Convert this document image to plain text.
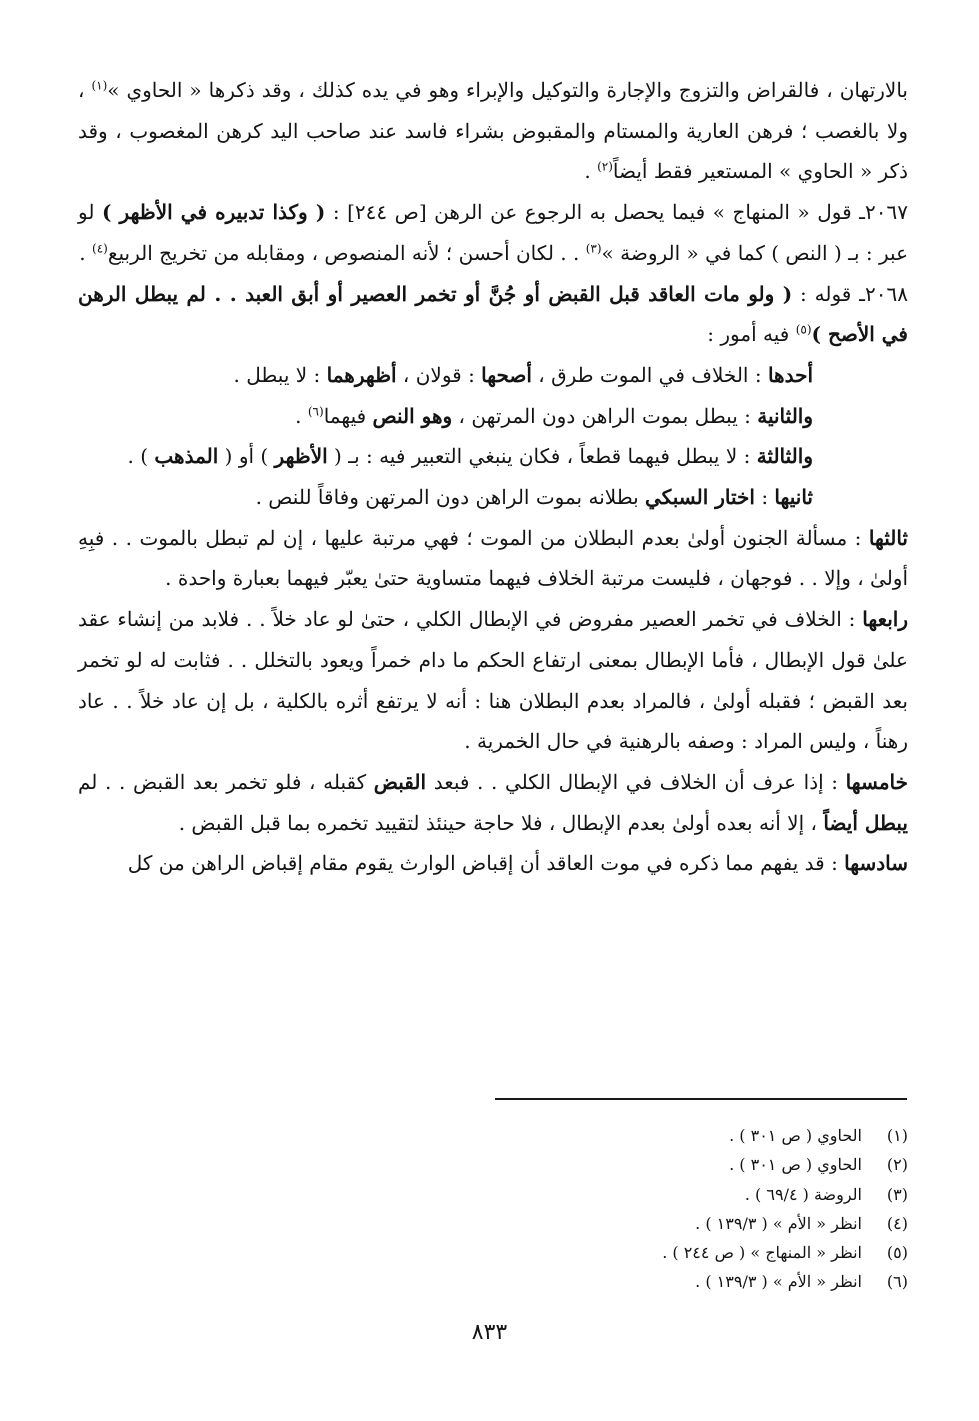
بالارتهان ، فالقراض والتزوج والإجارة والتوكيل والإبراء وهو في يده كذلك ، وقد ذكرها « الحاوي »$^{(١)}$ ، ولا بالغصب ؛ فرهن العارية والمستام والمقبوض بشراء فاسد عند صاحب اليد كرهن المغصوب ، وقد ذكر « الحاوي » المستعير فقط أيضاً$^{(٢)}$ .

٢٠٦٧ـ قول « المنهاج » فيما يحصل به الرجوع عن الرهن [ص ٢٤٤] : ( وكذا تدبيره في الأظهر ) لو عبر : بـ ( النص ) كما في « الروضة »$^{(٣)}$ . . لكان أحسن ؛ لأنه المنصوص ، ومقابله من تخريج الربيع$^{(٤)}$ .

٢٠٦٨ـ قوله : ( ولو مات العاقد قبل القبض أو جُنَّ أو تخمر العصير أو أبق العبد . . لم يبطل الرهن في الأصح )$^{(٥)}$ فيه أمور :

أحدها : الخلاف في الموت طرق ، أصحها : قولان ، أظهرهما : لا يبطل .

والثانية : يبطل بموت الراهن دون المرتهن ، وهو النص فيهما$^{(٦)}$ .

والثالثة : لا يبطل فيهما قطعاً ، فكان ينبغي التعبير فيه : بـ ( الأظهر ) أو ( المذهب ) .

ثانيها : اختار السبكي بطلانه بموت الراهن دون المرتهن وفاقاً للنص .

ثالثها : مسألة الجنون أولىٰ بعدم البطلان من الموت ؛ فهي مرتبة عليها ، إن لم تبطل بالموت . . فبِهِ أولىٰ ، وإلا . . فوجهان ، فليست مرتبة الخلاف فيهما متساوية حتىٰ يعبّر فيهما بعبارة واحدة .

رابعها : الخلاف في تخمر العصير مفروض في الإبطال الكلي ، حتىٰ لو عاد خلاً . . فلابد من إنشاء عقد علىٰ قول الإبطال ، فأما الإبطال بمعنى ارتفاع الحكم ما دام خمراً ويعود بالتخلل . . فثابت له لو تخمر بعد القبض ؛ فقبله أولىٰ ، فالمراد بعدم البطلان هنا : أنه لا يرتفع أثره بالكلية ، بل إن عاد خلاً . . عاد رهناً ، وليس المراد : وصفه بالرهنية في حال الخمرية .

خامسها : إذا عرف أن الخلاف في الإبطال الكلي . . فبعد القبض كقبله ، فلو تخمر بعد القبض . . لم يبطل أيضاً ، إلا أنه بعده أولىٰ بعدم الإبطال ، فلا حاجة حينئذ لتقييد تخمره بما قبل القبض .

سادسها : قد يفهم مما ذكره في موت العاقد أن إقباض الوارث يقوم مقام إقباض الراهن من كل

(١)الحاوي ( ص ٣٠١ ) .
(٢)الحاوي ( ص ٣٠١ ) .
(٣)الروضة ( ٦٩/٤ ) .
(٤)انظر « الأم » ( ١٣٩/٣ ) .
(٥)انظر « المنهاج » ( ص ٢٤٤ ) .
(٦)انظر « الأم » ( ١٣٩/٣ ) .
٨٣٣
